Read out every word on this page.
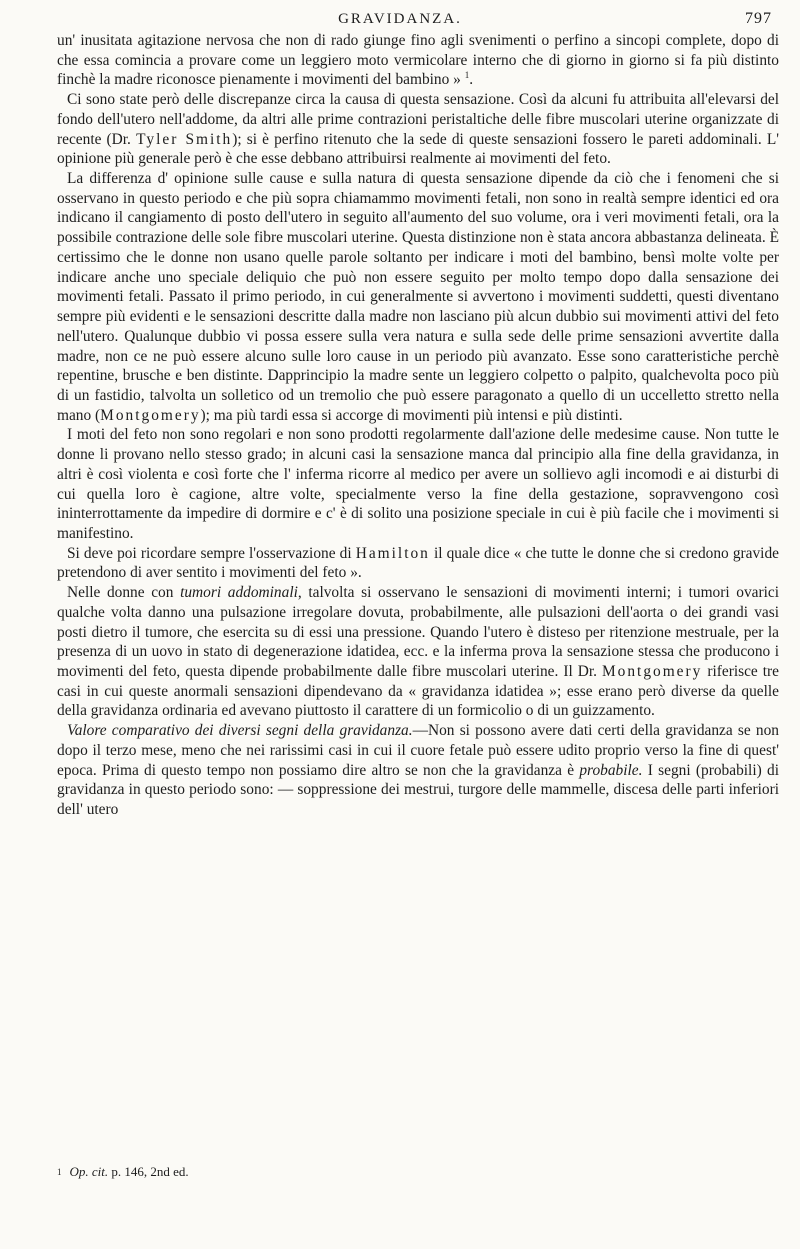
GRAVIDANZA.	797

un' inusitata agitazione nervosa che non di rado giunge fino agli svenimenti o perfino a sincopi complete, dopo di che essa comincia a provare come un leggiero moto vermicolare interno che di giorno in giorno si fa più distinto finchè la madre riconosce pienamente i movimenti del bambino » $^1$.

Ci sono state però delle discrepanze circa la causa di questa sensazione. Così da alcuni fu attribuita all'elevarsi del fondo dell'utero nell'addome, da altri alle prime contrazioni peristaltiche delle fibre muscolari uterine organizzate di recente (Dr. Tyler Smith); si è perfino ritenuto che la sede di queste sensazioni fossero le pareti addominali. L' opinione più generale però è che esse debbano attribuirsi realmente ai movimenti del feto.

La differenza d' opinione sulle cause e sulla natura di questa sensazione dipende da ciò che i fenomeni che si osservano in questo periodo e che più sopra chiamammo movimenti fetali, non sono in realtà sempre identici ed ora indicano il cangiamento di posto dell'utero in seguito all'aumento del suo volume, ora i veri movimenti fetali, ora la possibile contrazione delle sole fibre muscolari uterine. Questa distinzione non è stata ancora abbastanza delineata. È certissimo che le donne non usano quelle parole soltanto per indicare i moti del bambino, bensì molte volte per indicare anche uno speciale deliquio che può non essere seguito per molto tempo dopo dalla sensazione dei movimenti fetali. Passato il primo periodo, in cui generalmente si avvertono i movimenti suddetti, questi diventano sempre più evidenti e le sensazioni descritte dalla madre non lasciano più alcun dubbio sui movimenti attivi del feto nell'utero. Qualunque dubbio vi possa essere sulla vera natura e sulla sede delle prime sensazioni avvertite dalla madre, non ce ne può essere alcuno sulle loro cause in un periodo più avanzato. Esse sono caratteristiche perchè repentine, brusche e ben distinte. Dapprincipio la madre sente un leggiero colpetto o palpito, qualchevolta poco più di un fastidio, talvolta un solletico od un tremolio che può essere paragonato a quello di un uccelletto stretto nella mano (Montgomery); ma più tardi essa si accorge di movimenti più intensi e più distinti.

I moti del feto non sono regolari e non sono prodotti regolarmente dall'azione delle medesime cause. Non tutte le donne li provano nello stesso grado; in alcuni casi la sensazione manca dal principio alla fine della gravidanza, in altri è così violenta e così forte che l' inferma ricorre al medico per avere un sollievo agli incomodi e ai disturbi di cui quella loro è cagione, altre volte, specialmente verso la fine della gestazione, sopravvengono così ininterrottamente da impedire di dormire e c' è di solito una posizione speciale in cui è più facile che i movimenti si manifestino.

Si deve poi ricordare sempre l'osservazione di Hamilton il quale dice « che tutte le donne che si credono gravide pretendono di aver sentito i movimenti del feto ».

Nelle donne con tumori addominali, talvolta si osservano le sensazioni di movimenti interni; i tumori ovarici qualche volta danno una pulsazione irregolare dovuta, probabilmente, alle pulsazioni dell'aorta o dei grandi vasi posti dietro il tumore, che esercita su di essi una pressione. Quando l'utero è disteso per ritenzione mestruale, per la presenza di un uovo in stato di degenerazione idatidea, ecc. e la inferma prova la sensazione stessa che producono i movimenti del feto, questa dipende probabilmente dalle fibre muscolari uterine. Il Dr. Montgomery riferisce tre casi in cui queste anormali sensazioni dipendevano da « gravidanza idatidea »; esse erano però diverse da quelle della gravidanza ordinaria ed avevano piuttosto il carattere di un formicolio o di un guizzamento.

Valore comparativo dei diversi segni della gravidanza.—Non si possono avere dati certi della gravidanza se non dopo il terzo mese, meno che nei rarissimi casi in cui il cuore fetale può essere udito proprio verso la fine di quest' epoca. Prima di questo tempo non possiamo dire altro se non che la gravidanza è probabile. I segni (probabili) di gravidanza in questo periodo sono: — soppressione dei mestrui, turgore delle mammelle, discesa delle parti inferiori dell' utero

$^1$ Op. cit. p. 146, 2nd ed.
